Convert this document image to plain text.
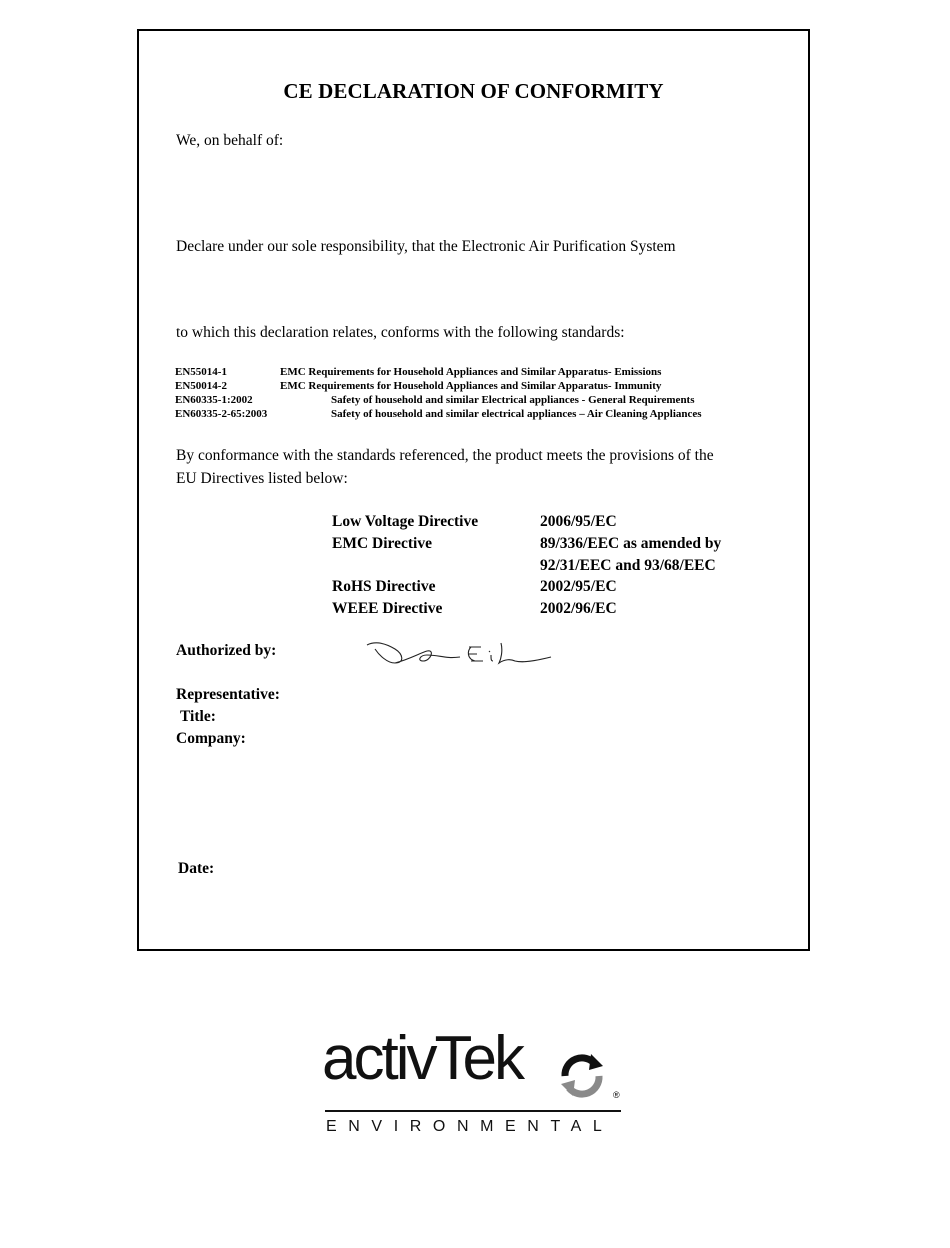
CE DECLARATION OF CONFORMITY
We, on behalf of:
Declare under our sole responsibility, that the Electronic Air Purification System
to which this declaration relates, conforms with the following standards:
EN55014-1	EMC Requirements for Household Appliances and Similar Apparatus- Emissions
EN50014-2	EMC Requirements for Household Appliances and Similar Apparatus- Immunity
EN60335-1:2002	Safety of household and similar Electrical appliances - General Requirements
EN60335-2-65:2003	Safety of household and similar electrical appliances – Air Cleaning Appliances
By conformance with the standards referenced, the product meets the provisions of the
EU Directives listed below:
Low Voltage Directive	2006/95/EC
EMC Directive	89/336/EEC as amended by
92/31/EEC and 93/68/EEC
RoHS Directive	2002/95/EC
WEEE Directive	2002/96/EC
Authorized by:
Representative:
Title:
Company:
Date:
activTek
®
ENVIRONMENTAL
